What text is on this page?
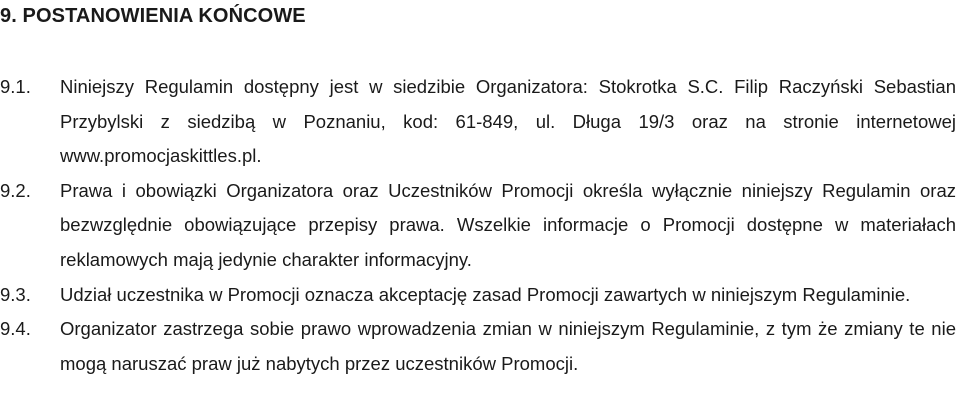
9. POSTANOWIENIA KOŃCOWE
9.1.	Niniejszy Regulamin dostępny jest w siedzibie Organizatora: Stokrotka S.C. Filip Raczyński Sebastian Przybylski z siedzibą w Poznaniu, kod: 61-849, ul. Długa 19/3 oraz na stronie internetowej www.promocjaskittles.pl.
9.2.	Prawa i obowiązki Organizatora oraz Uczestników Promocji określa wyłącznie niniejszy Regulamin oraz bezwzględnie obowiązujące przepisy prawa. Wszelkie informacje o Promocji dostępne w materiałach reklamowych mają jedynie charakter informacyjny.
9.3.	Udział uczestnika w Promocji oznacza akceptację zasad Promocji zawartych w niniejszym Regulaminie.
9.4.	Organizator zastrzega sobie prawo wprowadzenia zmian w niniejszym Regulaminie, z tym że zmiany te nie mogą naruszać praw już nabytych przez uczestników Promocji.
